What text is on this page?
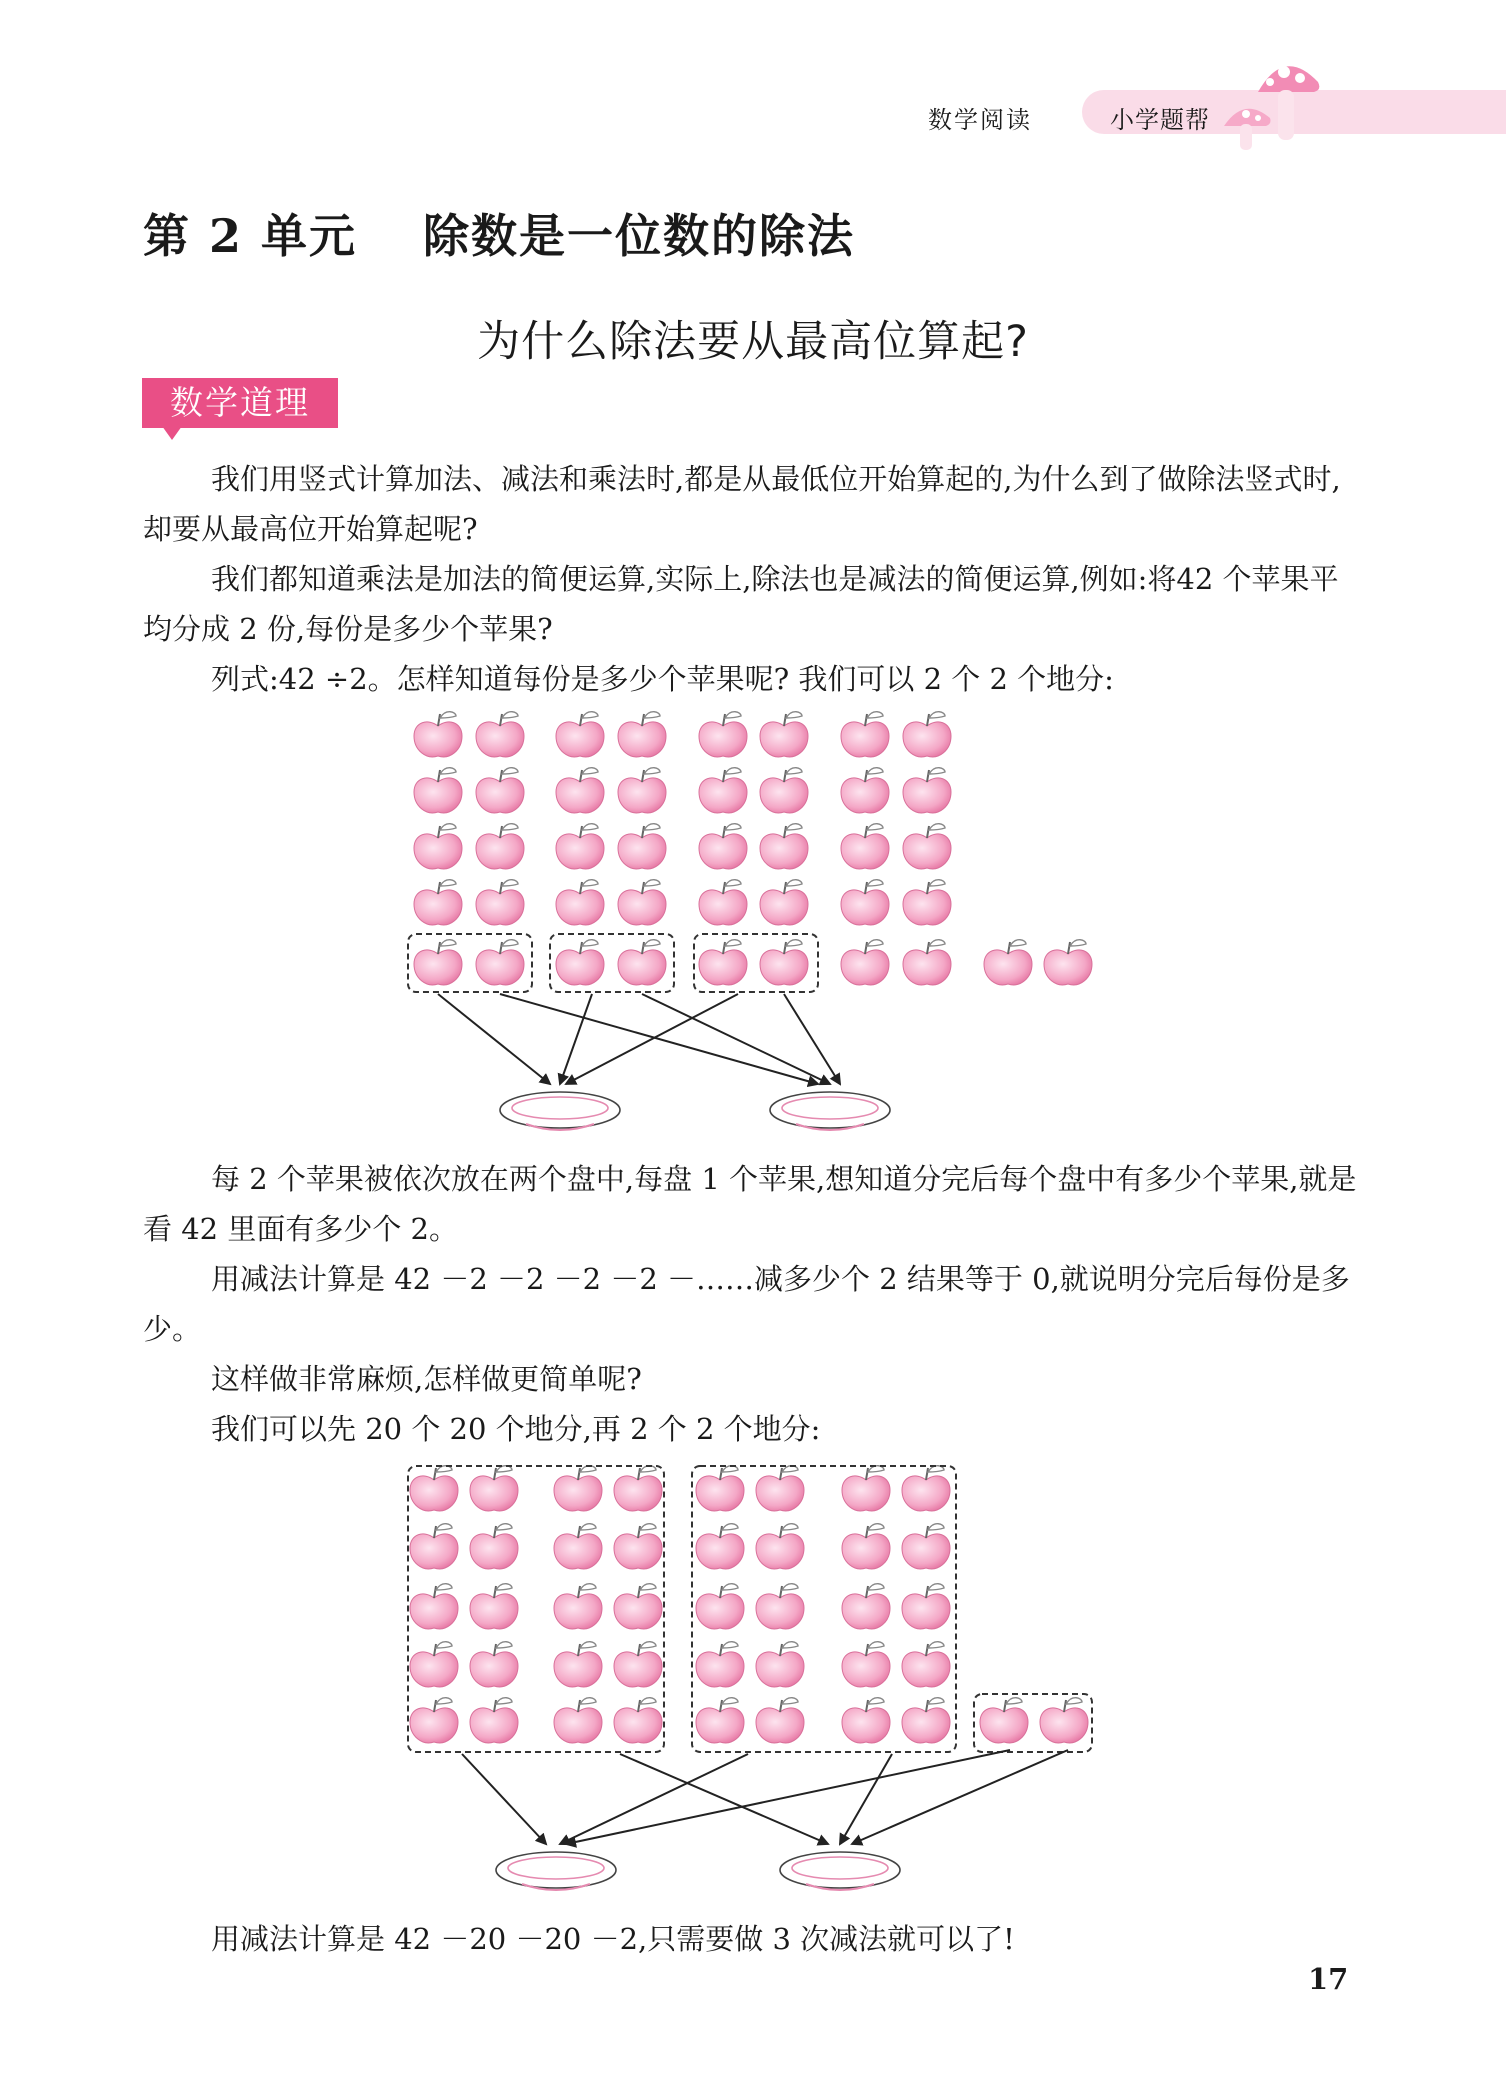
数学阅读	小学题帮
第 2 单元　 除数是一位数的除法
为什么除法要从最高位算起?
数学道理
我们用竖式计算加法、减法和乘法时,都是从最低位开始算起的,为什么到了做除法竖式时,却要从最高位开始算起呢?
我们都知道乘法是加法的简便运算,实际上,除法也是减法的简便运算,例如:将42 个苹果平均分成 2 份,每份是多少个苹果?
列式:42 ÷2。怎样知道每份是多少个苹果呢? 我们可以 2 个 2 个地分:
每 2 个苹果被依次放在两个盘中,每盘 1 个苹果,想知道分完后每个盘中有多少个苹果,就是看 42 里面有多少个 2。
用减法计算是 42 －2 －2 －2 －2 －……减多少个 2 结果等于 0,就说明分完后每份是多少。
这样做非常麻烦,怎样做更简单呢?
我们可以先 20 个 20 个地分,再 2 个 2 个地分:
用减法计算是 42 －20 －20 －2,只需要做 3 次减法就可以了!
17
